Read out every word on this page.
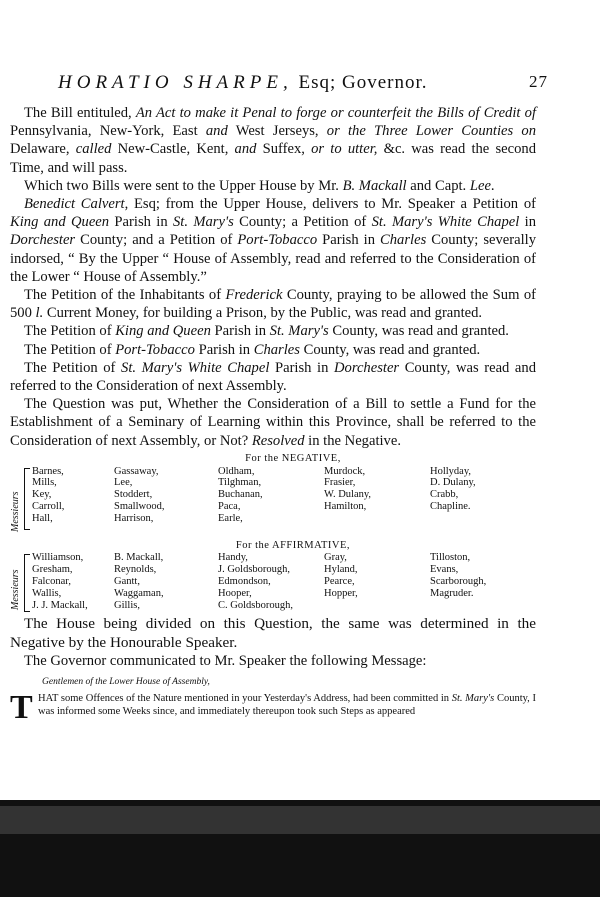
HORATIO SHARPE, Esq; Governor.	27

The Bill entituled, An Act to make it Penal to forge or counterfeit the Bills of Credit of Pennsylvania, New-York, East and West Jerseys, or the Three Lower Counties on Delaware, called New-Castle, Kent, and Suffex, or to utter, &c. was read the second Time, and will pass.

Which two Bills were sent to the Upper House by Mr. B. Mackall and Capt. Lee.

Benedict Calvert, Esq; from the Upper House, delivers to Mr. Speaker a Petition of King and Queen Parish in St. Mary's County; a Petition of St. Mary's White Chapel in Dorchester County; and a Petition of Port-Tobacco Parish in Charles County; severally indorsed, “ By the Upper “ House of Assembly, read and referred to the Consideration of the Lower “ House of Assembly.”

The Petition of the Inhabitants of Frederick County, praying to be allowed the Sum of 500 l. Current Money, for building a Prison, by the Public, was read and granted.

The Petition of King and Queen Parish in St. Mary's County, was read and granted.

The Petition of Port-Tobacco Parish in Charles County, was read and granted.

The Petition of St. Mary's White Chapel Parish in Dorchester County, was read and referred to the Consideration of next Assembly.

The Question was put, Whether the Consideration of a Bill to settle a Fund for the Establishment of a Seminary of Learning within this Province, shall be referred to the Consideration of next Assembly, or Not? Resolved in the Negative.

For the NEGATIVE,
Messieurs
Barnes,
Mills,
Key,
Carroll,
Hall,
Gassaway,
Lee,
Stoddert,
Smallwood,
Harrison,
Oldham,
Tilghman,
Buchanan,
Paca,
Earle,
Murdock,
Frasier,
W. Dulany,
Hamilton,
Hollyday,
D. Dulany,
Crabb,
Chapline.
For the AFFIRMATIVE,
Messieurs
Williamson,
Gresham,
Falconar,
Wallis,
J. J. Mackall,
B. Mackall,
Reynolds,
Gantt,
Waggaman,
Gillis,
Handy,
J. Goldsborough,
Edmondson,
Hooper,
C. Goldsborough,
Gray,
Hyland,
Pearce,
Hopper,
Tilloston,
Evans,
Scarborough,
Magruder.

The House being divided on this Question, the same was determined in the Negative by the Honourable Speaker.

The Governor communicated to Mr. Speaker the following Message:

Gentlemen of the Lower House of Assembly,
T HAT some Offences of the Nature mentioned in your Yesterday's Address, had been committed in St. Mary's County, I was informed some Weeks since, and immediately thereupon took such Steps as appeared
